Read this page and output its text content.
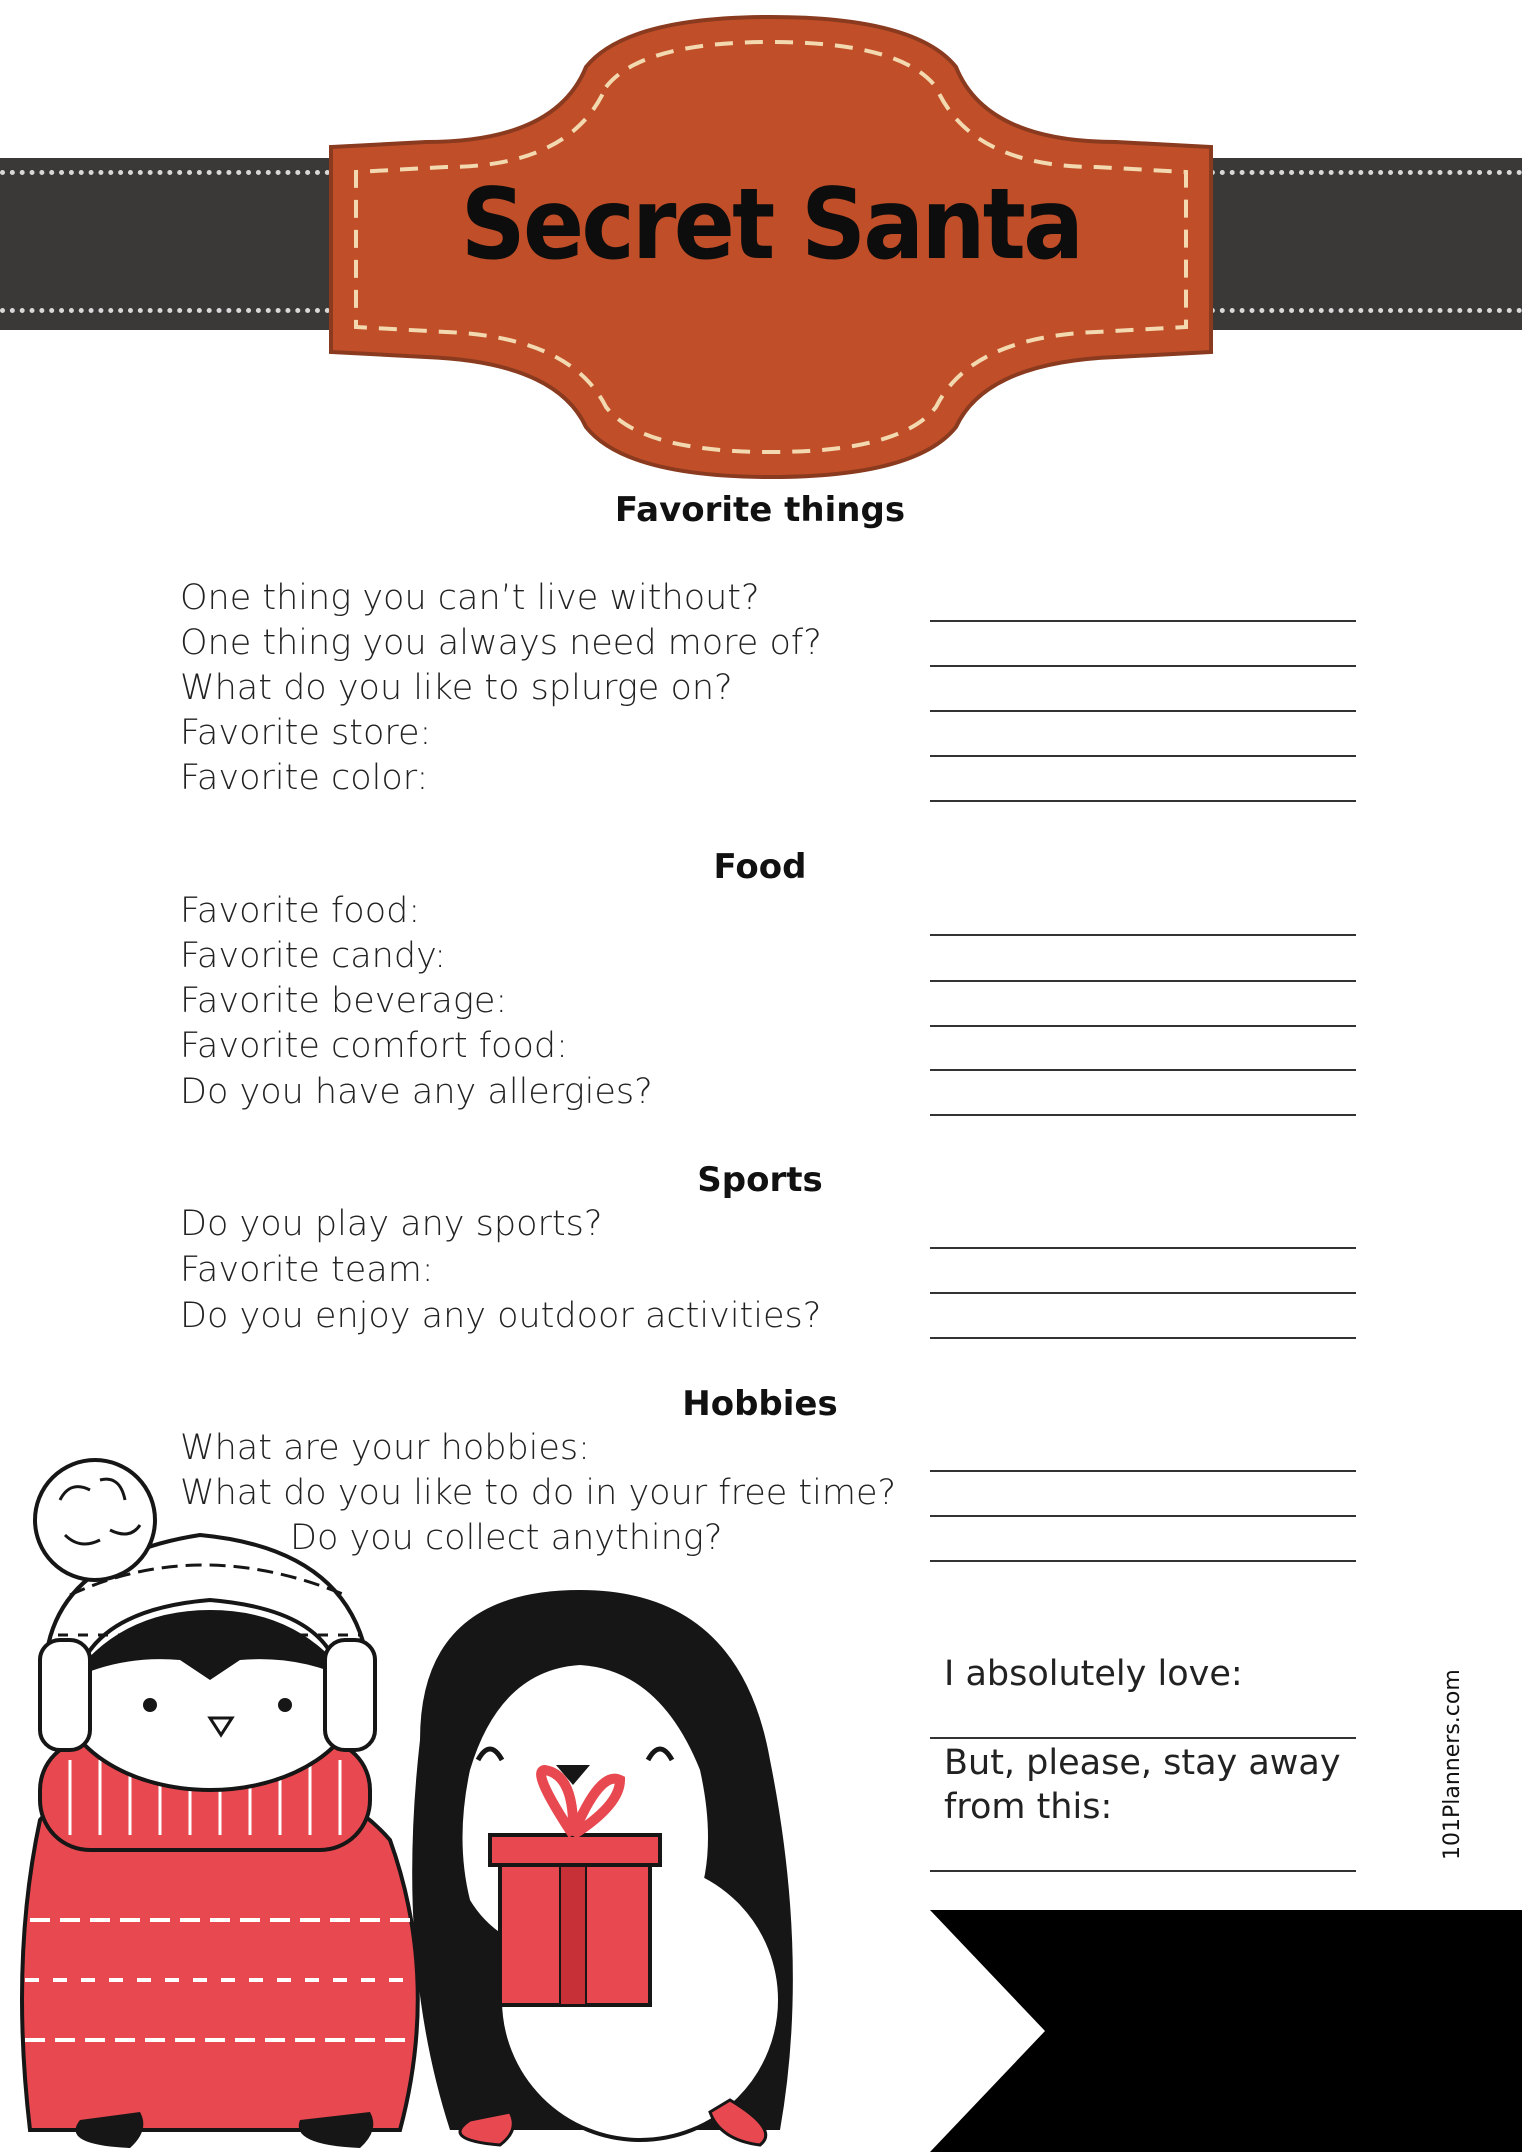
Secret Santa
Favorite things
One thing you can’t live without?
One thing you always need more of?
What do you like to splurge on?
Favorite store:
Favorite color:
Food
Favorite food:
Favorite candy:
Favorite beverage:
Favorite comfort food:
Do you have any allergies?
Sports
Do you play any sports?
Favorite team:
Do you enjoy any outdoor activities?
Hobbies
What are your hobbies:
What do you like to do in your free time?
Do you collect anything?
I absolutely love:
But, please, stay away from this:	101Planners.com
